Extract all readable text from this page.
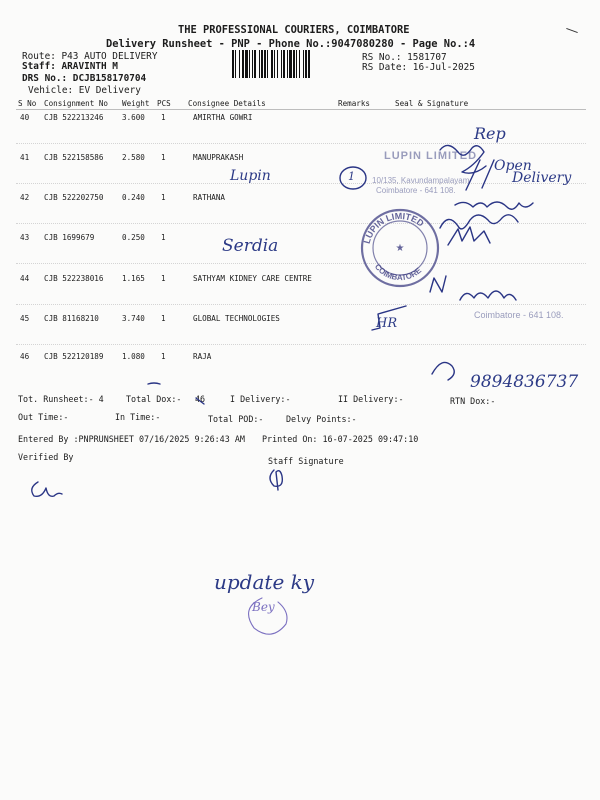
THE PROFESSIONAL COURIERS, COIMBATORE
Delivery Runsheet - PNP - Phone No.:9047080280 - Page No.:4
Route: P43 AUTO DELIVERY
Staff: ARAVINTH M
DRS No.: DCJB158170704
Vehicle: EV Delivery
RS No.: 1581707
RS Date: 16-Jul-2025
S No Consignment No Weight PCS Consignee Details	Remarks	Seal & Signature
40 CJB 522213246 3.600 1	AMIRTHA GOWRI
41 CJB 522158586 2.580 1	MANUPRAKASH
42 CJB 522202750 0.240 1	RATHANA
43 CJB 1699679	0.250 1
44 CJB 522238016 1.165 1	SATHYAM KIDNEY CARE CENTRE
45 CJB 81168210	3.740 1	GLOBAL TECHNOLOGIES
46 CJB 522120189 1.080 1	RAJA
Tot. Runsheet:- 4	Total Dox:- 46	I Delivery:-	II Delivery:-	RTN Dox:-
Out Time:-	In Time:-	Total POD:-	Delvy Points:-
Entered By :PNPRUNSHEET 07/16/2025 9:26:43 AM Printed On: 16-07-2025 09:47:10
Verified By	Staff Signature
LUPIN LIMITED
10/135, Kavundampalayam
Coimbatore - 641 108.
Coimbatore - 641 108.
LUPIN LIMITED
COIMBATORE
★
Lupin
Serdia
1
Rep
Open
Delivery
HR
9894836737
update ky
Bey
